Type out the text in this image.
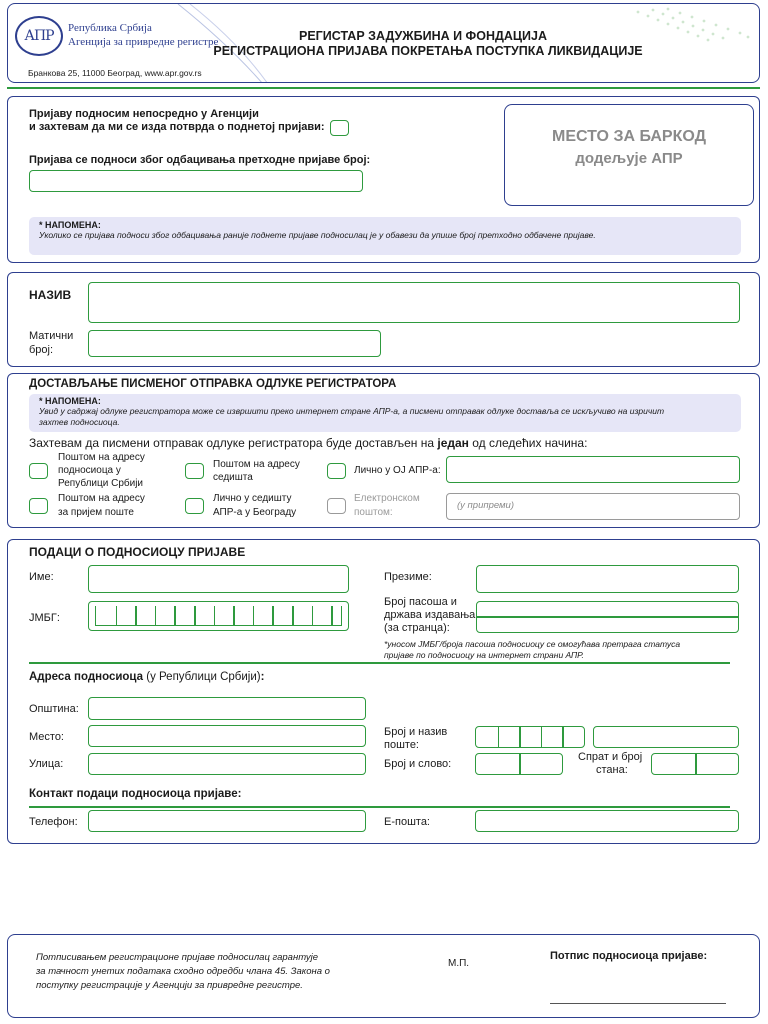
АПР Република Србија
Агенција за привредне регистре
Бранкова 25, 11000 Београд, www.apr.gov.rs
РЕГИСТАР ЗАДУЖБИНА И ФОНДАЦИЈА
РЕГИСТРАЦИОНА ПРИЈАВА ПОКРЕТАЊА ПОСТУПКА ЛИКВИДАЦИЈЕ
Пријаву подносим непосредно у Агенцији
и захтевам да ми се изда потврда о поднетој пријави:
Пријава се подноси због одбацивања претходне пријаве број:
МЕСТО ЗА БАРКОД
додељује АПР
* НАПОМЕНА:
Уколико се пријава подноси због одбацивања раније поднете пријаве подносилац је у обавези да упише број претходно одбачене пријаве.
НАЗИВ
Матични
број:
ДОСТАВЉАЊЕ ПИСМЕНОГ ОТПРАВКА ОДЛУКЕ РЕГИСТРАТОРА
* НАПОМЕНА:
Увид у садржај одлуке регистратора може се извршити преко интернет стране АПР-а, а писмени отправак одлуке доставља се искључиво на изричит
захтев подносиоца.
Захтевам да писмени отправак одлуке регистратора буде достављен на један од следећих начина:
Поштом на адресу
подносиоца у
Републици Србији
Поштом на адресу
седишта
Лично у ОЈ АПР-а:
Поштом на адресу
за пријем поште
Лично у седишту
АПР-а у Београду
Електронском
поштом:
(у припреми)
ПОДАЦИ О ПОДНОСИОЦУ ПРИЈАВЕ
Име:	Презиме:
ЈМБГ:
Број пасоша и
држава издавања
(за странца):
*уносом ЈМБГ/броја пасоша подносиоцу се омогућава претрага статуса
пријаве по подносиоцу на интернет страни АПР.
Адреса подносиоца (у Републици Србији):
Општина:
Место:	Број и назив
поште:
Улица:	Број и слово:
Спрат и број
стана:
Контакт подаци подносиоца пријаве:
Телефон:	Е-пошта:
Потписивањем регистрационе пријаве подносилац гарантује
за тачност унетих података сходно одредби члана 45. Закона о
поступку регистрације у Агенцији за привредне регистре.
М.П.
Потпис подносиоца пријаве:
